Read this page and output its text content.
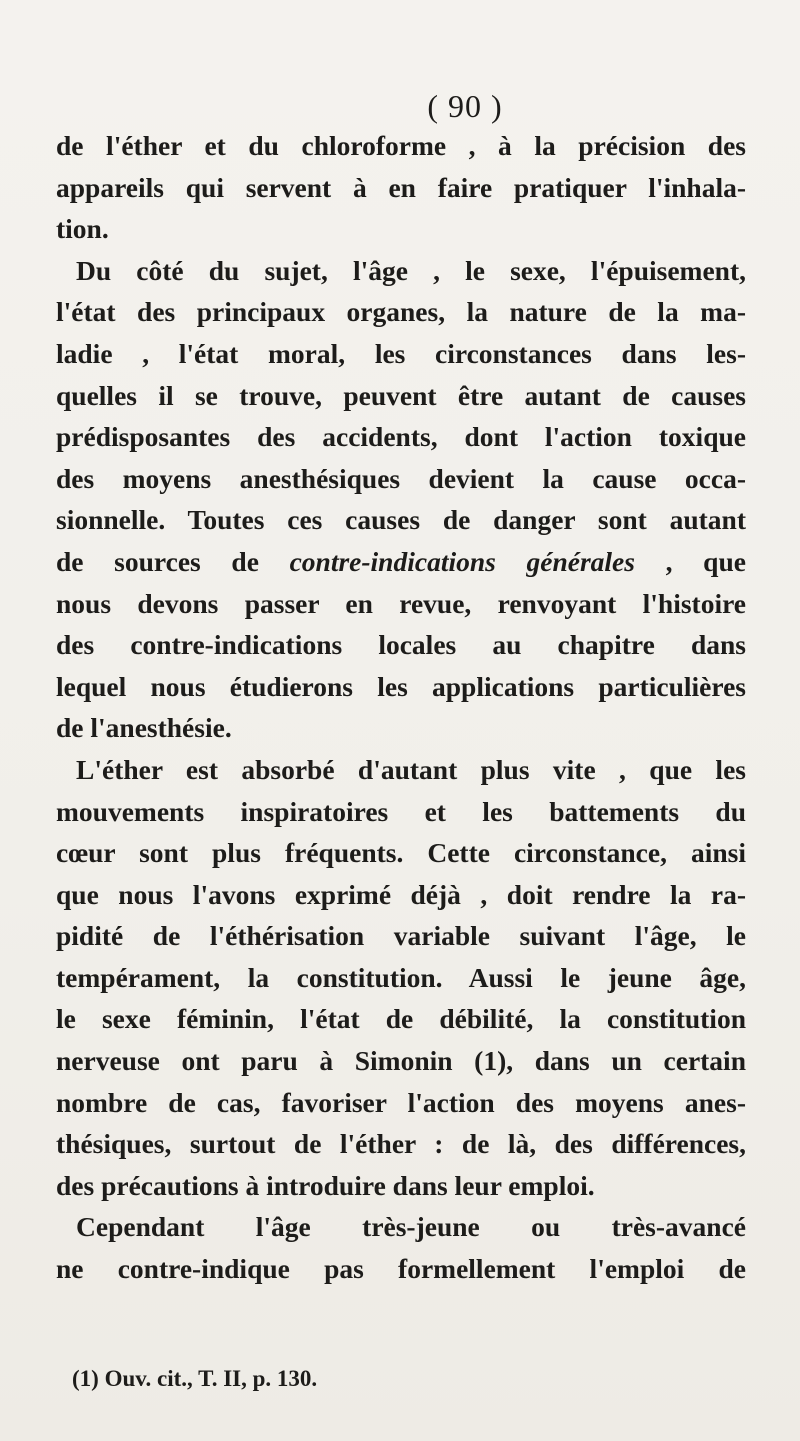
( 90 )

de l'éther et du chloroforme , à la précision des
appareils qui servent à en faire pratiquer l'inhala-
tion.

Du côté du sujet, l'âge , le sexe, l'épuisement,
l'état des principaux organes, la nature de la ma-
ladie , l'état moral, les circonstances dans les-
quelles il se trouve, peuvent être autant de causes
prédisposantes des accidents, dont l'action toxique
des moyens anesthésiques devient la cause occa-
sionnelle. Toutes ces causes de danger sont autant
de sources de contre-indications générales , que
nous devons passer en revue, renvoyant l'histoire
des contre-indications locales au chapitre dans
lequel nous étudierons les applications particulières
de l'anesthésie.

L'éther est absorbé d'autant plus vite , que les
mouvements inspiratoires et les battements du
cœur sont plus fréquents. Cette circonstance, ainsi
que nous l'avons exprimé déjà , doit rendre la ra-
pidité de l'éthérisation variable suivant l'âge, le
tempérament, la constitution. Aussi le jeune âge,
le sexe féminin, l'état de débilité, la constitution
nerveuse ont paru à Simonin (1), dans un certain
nombre de cas, favoriser l'action des moyens anes-
thésiques, surtout de l'éther : de là, des différences,
des précautions à introduire dans leur emploi.

Cependant l'âge très-jeune ou très-avancé
ne contre-indique pas formellement l'emploi de

(1) Ouv. cit., T. II, p. 130.
